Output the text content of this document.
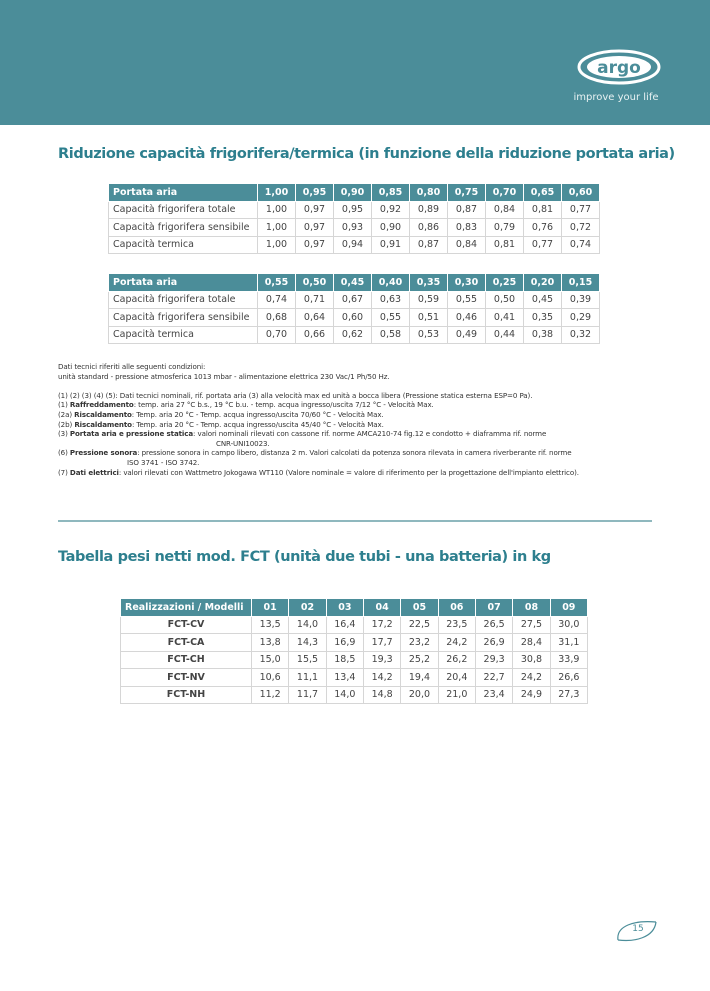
argo
improve your life
Riduzione capacità frigorifera/termica (in funzione della riduzione portata aria)
Portata aria	1,00	0,95	0,90	0,85	0,80	0,75	0,70	0,65	0,60
Capacità frigorifera totale	1,00	0,97	0,95	0,92	0,89	0,87	0,84	0,81	0,77
Capacità frigorifera sensibile	1,00	0,97	0,93	0,90	0,86	0,83	0,79	0,76	0,72
Capacità termica	1,00	0,97	0,94	0,91	0,87	0,84	0,81	0,77	0,74
Portata aria	0,55	0,50	0,45	0,40	0,35	0,30	0,25	0,20	0,15
Capacità frigorifera totale	0,74	0,71	0,67	0,63	0,59	0,55	0,50	0,45	0,39
Capacità frigorifera sensibile	0,68	0,64	0,60	0,55	0,51	0,46	0,41	0,35	0,29
Capacità termica	0,70	0,66	0,62	0,58	0,53	0,49	0,44	0,38	0,32
Dati tecnici riferiti alle seguenti condizioni:
unità standard - pressione atmosferica 1013 mbar - alimentazione elettrica 230 Vac/1 Ph/50 Hz.
(1) (2) (3) (4) (5): Dati tecnici nominali, rif. portata aria (3) alla velocità max ed unità a bocca libera (Pressione statica esterna ESP=0 Pa).
(1) Raffreddamento: temp. aria 27 °C b.s., 19 °C b.u. - temp. acqua ingresso/uscita 7/12 °C - Velocità Max.
(2a) Riscaldamento: Temp. aria 20 °C - Temp. acqua ingresso/uscita 70/60 °C - Velocità Max.
(2b) Riscaldamento: Temp. aria 20 °C - Temp. acqua ingresso/uscita 45/40 °C - Velocità Max.
(3) Portata aria e pressione statica: valori nominali rilevati con cassone rif. norme AMCA210-74 fig.12 e condotto + diaframma rif. norme
CNR-UNI10023.
(6) Pressione sonora: pressione sonora in campo libero, distanza 2 m. Valori calcolati da potenza sonora rilevata in camera riverberante rif. norme
ISO 3741 - ISO 3742.
(7) Dati elettrici: valori rilevati con Wattmetro Jokogawa WT110 (Valore nominale = valore di riferimento per la progettazione dell'impianto elettrico).
Tabella pesi netti mod. FCT (unità due tubi - una batteria) in kg
Realizzazioni / Modelli	01	02	03	04	05	06	07	08	09
FCT-CV	13,5	14,0	16,4	17,2	22,5	23,5	26,5	27,5	30,0
FCT-CA	13,8	14,3	16,9	17,7	23,2	24,2	26,9	28,4	31,1
FCT-CH	15,0	15,5	18,5	19,3	25,2	26,2	29,3	30,8	33,9
FCT-NV	10,6	11,1	13,4	14,2	19,4	20,4	22,7	24,2	26,6
FCT-NH	11,2	11,7	14,0	14,8	20,0	21,0	23,4	24,9	27,3
15
